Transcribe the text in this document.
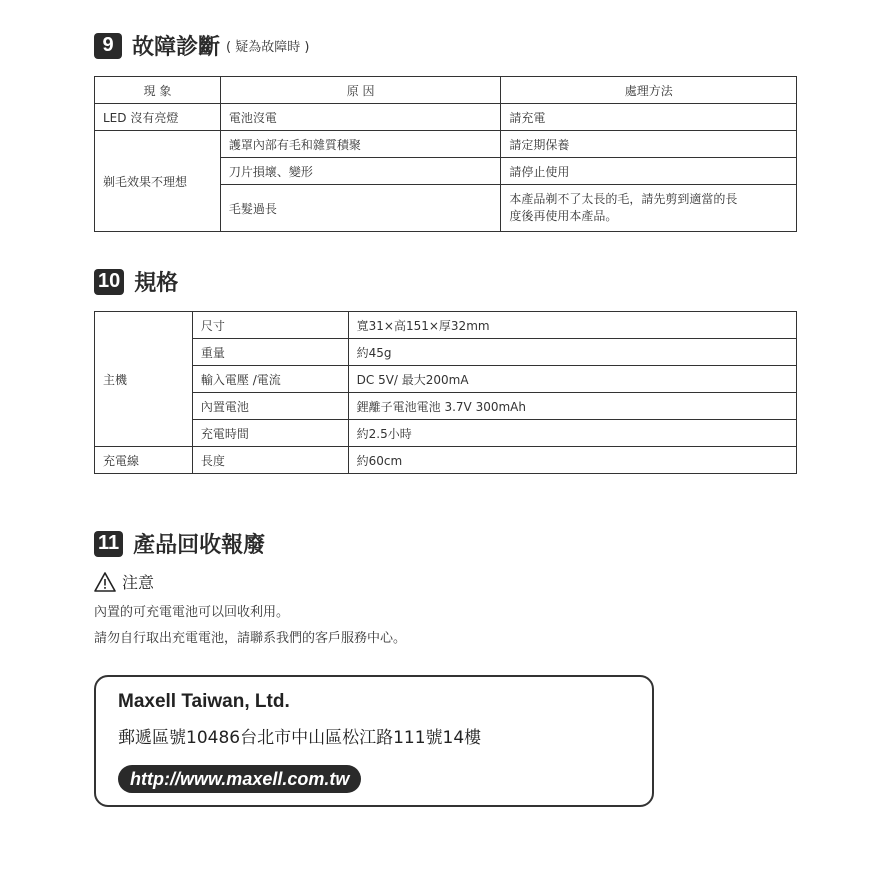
9 故障診斷 ( 疑為故障時 )
現 象	原 因	處理方法
LED 沒有亮燈	電池沒電	請充電
剃毛效果不理想	護罩內部有毛和雜質積聚	請定期保養
	刀片損壞、變形	請停止使用
	毛髮過長	本產品剃不了太長的毛，請先剪到適當的長
度後再使用本產品。
10 規格
主機	尺寸	寬31×高151×厚32mm
	重量	約45g
	輸入電壓 /電流	DC 5V/ 最大200mA
	內置電池	鋰離子電池電池 3.7V 300mAh
	充電時間	約2.5小時
充電線	長度	約60cm
11 產品回收報廢
注意
內置的可充電電池可以回收利用。
請勿自行取出充電電池，請聯系我們的客戶服務中心。
Maxell Taiwan, Ltd.
郵遞區號10486台北市中山區松江路111號14樓
http://www.maxell.com.tw
